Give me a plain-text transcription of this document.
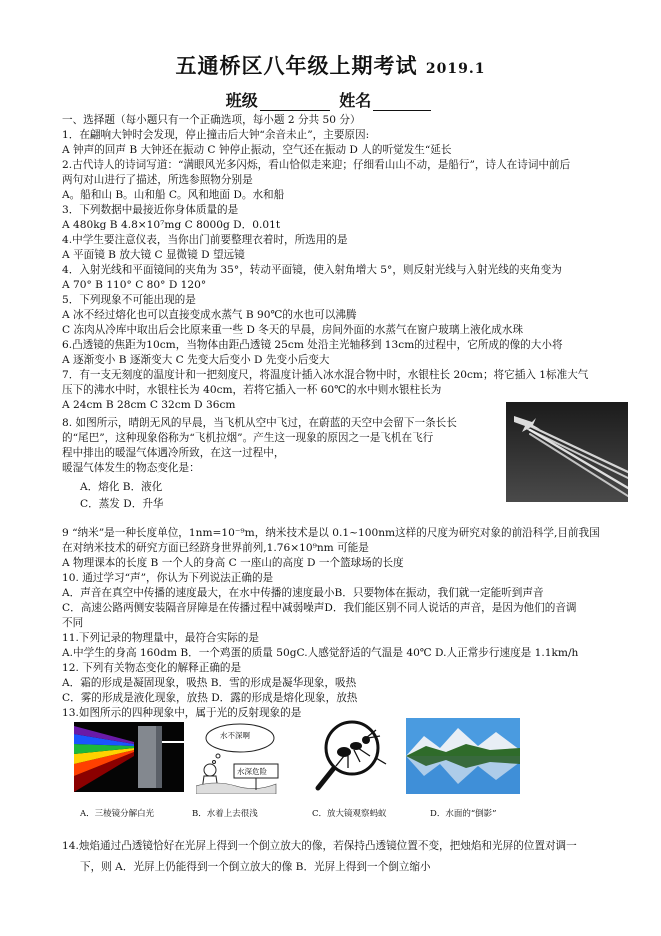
五通桥区八年级上期考试 2019.1
班级	姓名
一、选择题（每小题只有一个正确选项，每小题 2 分共 50 分）
1．在翩响大钟时会发现，停止撞击后大钟“余音未止”，主要原因:
A 钟声的回声 B 大钟还在振动 C 钟停止振动，空气还在振动 D 人的听觉发生“延长
2.古代诗人的诗词写道：“满眼风光多闪烁，看山恰似走来迎；仔细看山山不动，是船行”，诗人在诗词中前后
两句对山进行了描述，所选参照物分别是
A。船和山 B。山和船 C。风和地面 D。水和船
3．下列数据中最接近你身体质量的是
A 480kg B 4.8×10⁷mg C 8000g D．0.01t
4.中学生要注意仪表，当你出门前要整理衣着时，所选用的是
A 平面镜 B 放大镜 C 显微镜 D 望远镜
4．入射光线和平面镜间的夹角为 35°，转动平面镜，使入射角增大 5°，则反射光线与入射光线的夹角变为
A 70° B 110° C 80° D 120°
5．下列现象不可能出现的是
A 冰不经过熔化也可以直接变成水蒸气 B 90℃的水也可以沸腾
C 冻肉从冷库中取出后会比原来重一些 D 冬天的早晨，房间外面的水蒸气在窗户玻璃上液化成水珠
6.凸透镜的焦距为10cm，当物体由距凸透镜 25cm 处沿主光轴移到 13cm的过程中，它所成的像的大小将
A 逐渐变小 B 逐渐变大 C 先变大后变小 D 先变小后变大
7．有一支无刻度的温度计和一把刻度尺，将温度计插入冰水混合物中时，水银柱长 20cm；将它插入 1标准大气
压下的沸水中时，水银柱长为 40cm，若将它插入一杯 60℃的水中则水银柱长为
A 24cm B 28cm C 32cm D 36cm
8. 如图所示，晴朗无风的早晨，当飞机从空中飞过，在蔚蓝的天空中会留下一条长长
的“尾巴”，这种现象俗称为“飞机拉烟”。产生这一现象的原因之一是飞机在飞行
程中排出的暖湿气体遇冷所致，在这一过程中，
暖湿气体发生的物态变化是：
A．熔化 B．液化
C．蒸发 D．升华
9 “纳米”是一种长度单位，1nm=10⁻⁹m，纳米技术是以 0.1~100nm这样的尺度为研究对象的前沿科学,目前我国
在对纳米技术的研究方面已经跻身世界前列,1.76×10⁹nm 可能是
A 物理课本的长度 B 一个人的身高 C 一座山的高度 D 一个篮球场的长度
10. 通过学习“声”，你认为下列说法正确的是
A．声音在真空中传播的速度最大，在水中传播的速度最小B．只要物体在振动，我们就一定能听到声音
C．高速公路两侧安装隔音屏障是在传播过程中减弱噪声D．我们能区别不同人说话的声音，是因为他们的音调
不同
11.下列记录的物理量中，最符合实际的是
A.中学生的身高 160dm B．一个鸡蛋的质量 50gC.人感觉舒适的气温是 40℃ D.人正常步行速度是 1.1km/h
12. 下列有关物态变化的解释正确的是
A．霜的形成是凝固现象，吸热 B．雪的形成是凝华现象，吸热
C．雾的形成是液化现象，放热 D．露的形成是熔化现象，放热
13.如图所示的四种现象中，属于光的反射现象的是
水不深啊
水深危险
A．三棱镜分解白光	B．水着上去很浅	C．放大镜观察蚂蚁	D．水面的“倒影”
14.烛焰通过凸透镜恰好在光屏上得到一个倒立放大的像，若保持凸透镜位置不变，把烛焰和光屏的位置对调一
下，则 A．光屏上仍能得到一个倒立放大的像 B．光屏上得到一个倒立缩小
